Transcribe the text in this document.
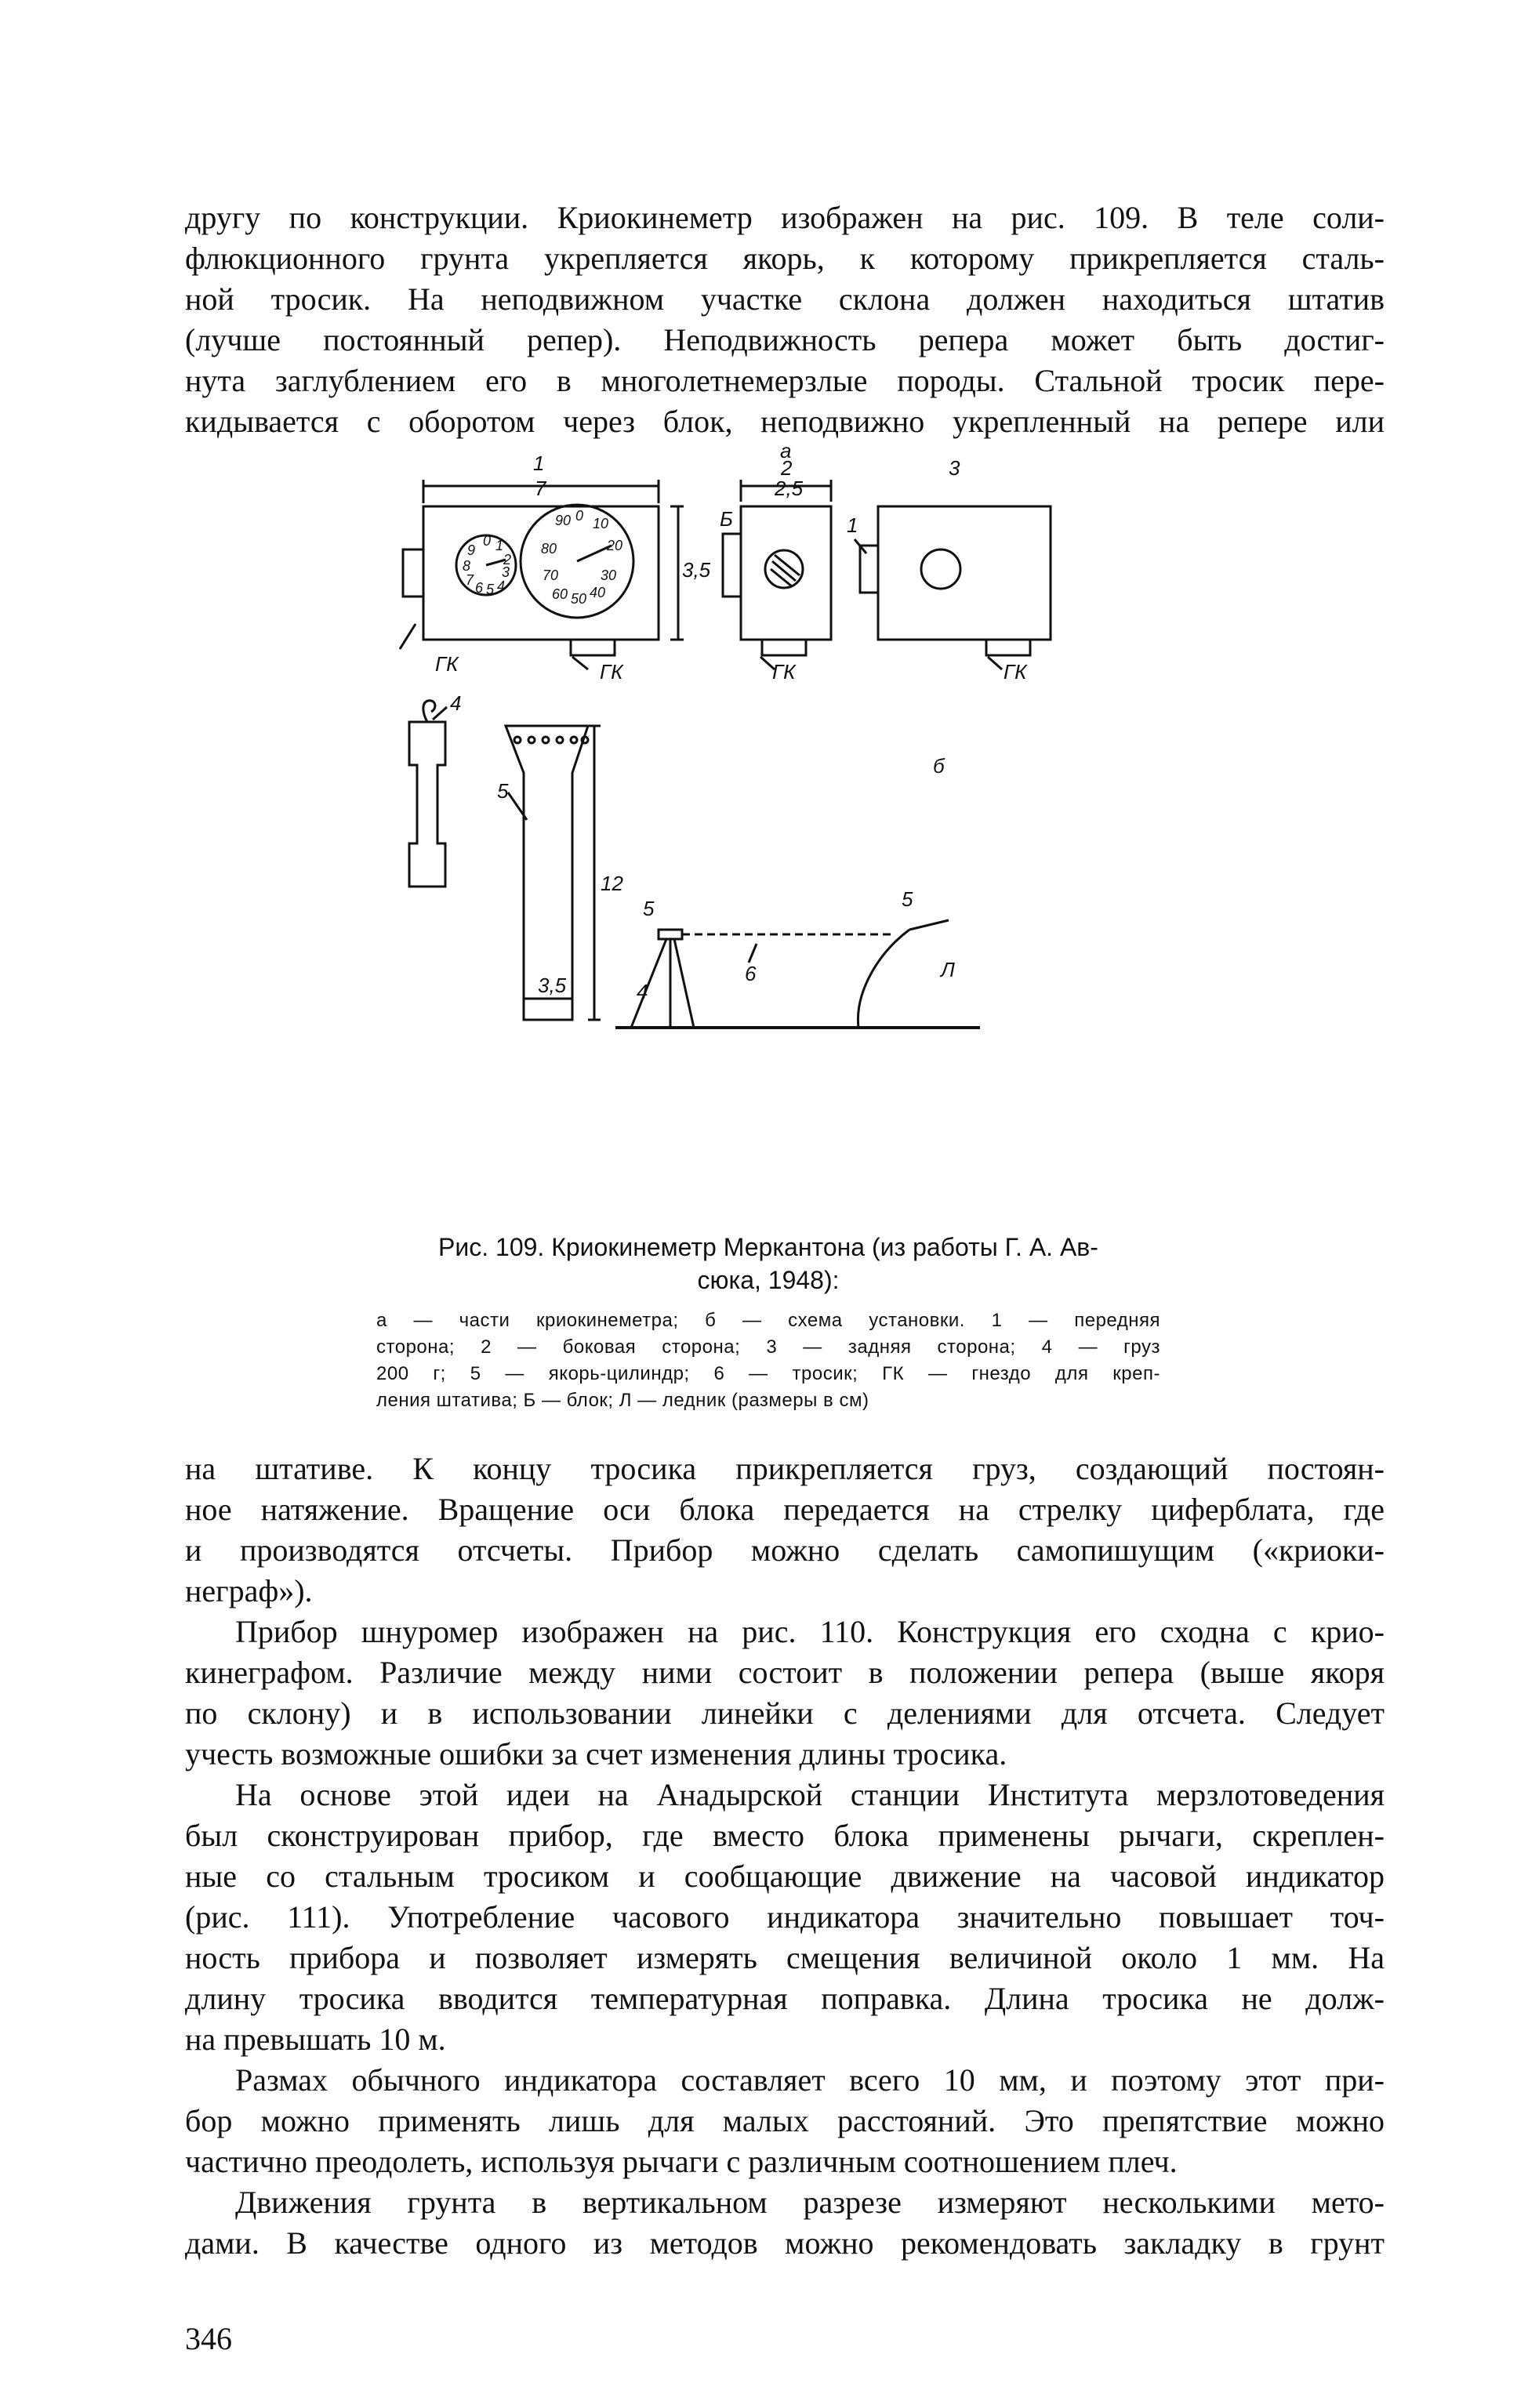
другу по конструкции. Криокинеметр изображен на рис. 109. В теле соли-
флюкционного грунта укрепляется якорь, к которому прикрепляется сталь-
ной тросик. На неподвижном участке склона должен находиться штатив
(лучше постоянный репер). Неподвижность репера может быть достиг-
нута заглублением его в многолетнемерзлые породы. Стальной тросик пере-
кидывается с оборотом через блок, неподвижно укрепленный на репере или
ГК
1
7
3,5
а
2
2,5
Б
3
1
ГК	ГК	ГК
4
5
12
3,5
б
5	5
6
4
Л
9
8
7 6 5 4
3
2
1
0
90 0 10
20
30
40
50
60
70
80
Рис. 109. Криокинеметр Меркантона (из работы Г. А. Ав-
сюка, 1948):
а — части криокинеметра; б — схема установки. 1 — передняя
сторона; 2 — боковая сторона; 3 — задняя сторона; 4 — груз
200 г; 5 — якорь-цилиндр; 6 — тросик; ГК — гнездо для креп-
ления штатива; Б — блок; Л — ледник (размеры в см)
на штативе. К концу тросика прикрепляется груз, создающий постоян-
ное натяжение. Вращение оси блока передается на стрелку циферблата, где
и производятся отсчеты. Прибор можно сделать самопишущим («криоки-
неграф»).
Прибор шнуромер изображен на рис. 110. Конструкция его сходна с крио-
кинеграфом. Различие между ними состоит в положении репера (выше якоря
по склону) и в использовании линейки с делениями для отсчета. Следует
учесть возможные ошибки за счет изменения длины тросика.
На основе этой идеи на Анадырской станции Института мерзлотоведения
был сконструирован прибор, где вместо блока применены рычаги, скреплен-
ные со стальным тросиком и сообщающие движение на часовой индикатор
(рис. 111). Употребление часового индикатора значительно повышает точ-
ность прибора и позволяет измерять смещения величиной около 1 мм. На
длину тросика вводится температурная поправка. Длина тросика не долж-
на превышать 10 м.
Размах обычного индикатора составляет всего 10 мм, и поэтому этот при-
бор можно применять лишь для малых расстояний. Это препятствие можно
частично преодолеть, используя рычаги с различным соотношением плеч.
Движения грунта в вертикальном разрезе измеряют несколькими мето-
дами. В качестве одного из методов можно рекомендовать закладку в грунт
346
